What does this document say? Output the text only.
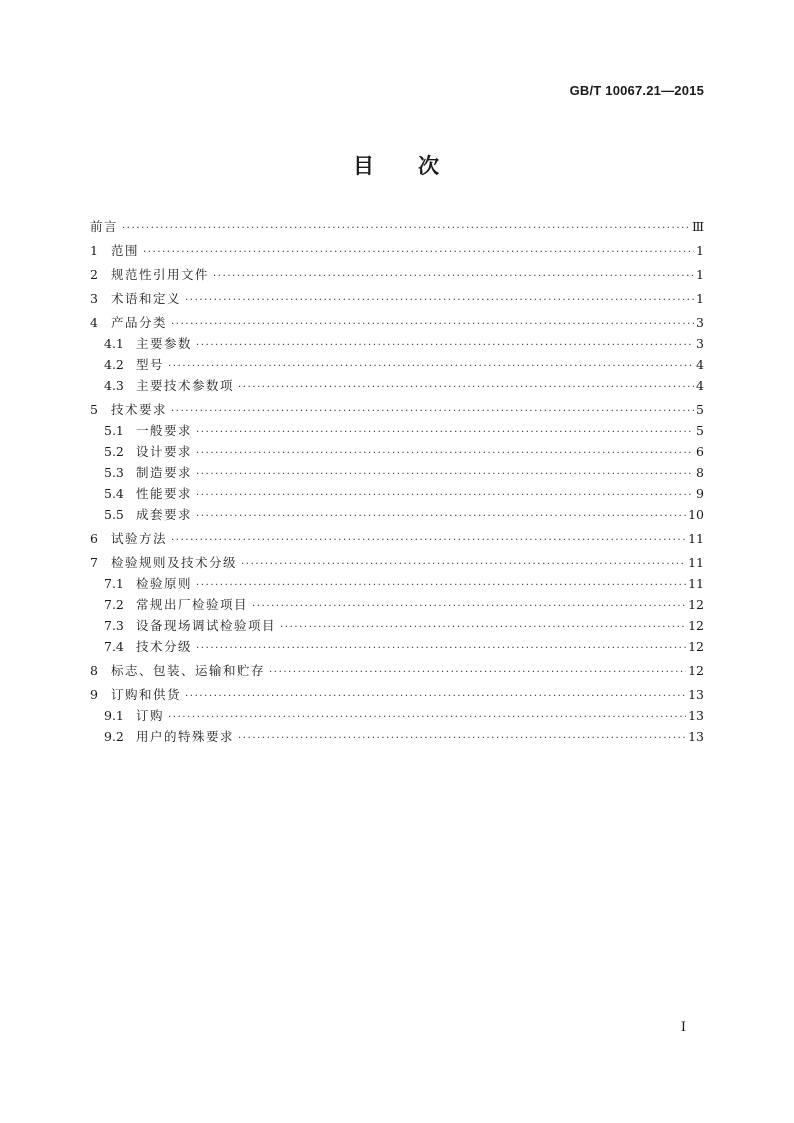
GB/T 10067.21—2015
目 次
前言 ·····	Ⅲ
1	范围 ·····	1
2	规范性引用文件 ·····	1
3	术语和定义 ·····	1
4	产品分类 ·····	3
4.1 主要参数 ·····	3
4.2 型号 ·····	4
4.3 主要技术参数项 ·····	4
5	技术要求 ·····	5
5.1 一般要求 ·····	5
5.2 设计要求 ·····	6
5.3 制造要求 ·····	8
5.4 性能要求 ·····	9
5.5 成套要求 ·····	10
6	试验方法 ·····	11
7	检验规则及技术分级 ·····	11
7.1 检验原则 ·····	11
7.2 常规出厂检验项目 ·····	12
7.3 设备现场调试检验项目 ·····	12
7.4 技术分级 ·····	12
8	标志、包装、运输和贮存 ·····	12
9	订购和供货 ·····	13
9.1 订购 ·····	13
9.2 用户的特殊要求 ·····	13
I
